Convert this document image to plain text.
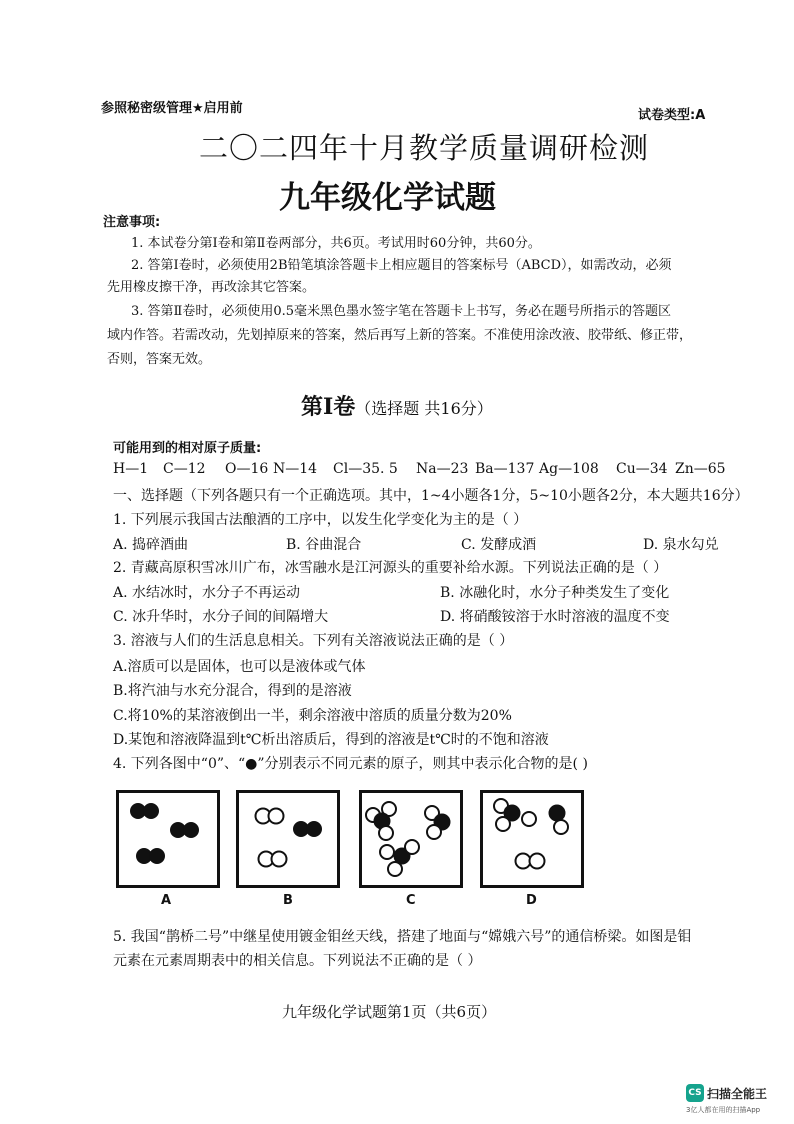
参照秘密级管理★启用前	试卷类型:A
二〇二四年十月教学质量调研检测
九年级化学试题
注意事项:
1. 本试卷分第Ⅰ卷和第Ⅱ卷两部分，共6页。考试用时60分钟，共60分。
2. 答第Ⅰ卷时，必须使用2B铅笔填涂答题卡上相应题目的答案标号（ABCD），如需改动，必须
先用橡皮擦干净，再改涂其它答案。
3. 答第Ⅱ卷时，必须使用0.5毫米黑色墨水签字笔在答题卡上书写，务必在题号所指示的答题区
域内作答。若需改动，先划掉原来的答案，然后再写上新的答案。不准使用涂改液、胶带纸、修正带，
否则，答案无效。
第Ⅰ卷（选择题 共16分）
可能用到的相对原子质量:
H—1 C—12 O—16 N—14 Cl—35. 5 Na—23 Ba—137 Ag—108 Cu—34 Zn—65
一、选择题（下列各题只有一个正确选项。其中，1~4小题各1分，5~10小题各2分，本大题共16分）
1. 下列展示我国古法酿酒的工序中，以发生化学变化为主的是（ ）
A. 捣碎酒曲	B. 谷曲混合	C. 发酵成酒	D. 泉水勾兑
2. 青藏高原积雪冰川广布，冰雪融水是江河源头的重要补给水源。下列说法正确的是（ ）
A. 水结冰时，水分子不再运动	B. 冰融化时，水分子种类发生了变化
C. 冰升华时，水分子间的间隔增大	D. 将硝酸铵溶于水时溶液的温度不变
3. 溶液与人们的生活息息相关。下列有关溶液说法正确的是（ ）
A.溶质可以是固体，也可以是液体或气体
B.将汽油与水充分混合，得到的是溶液
C.将10%的某溶液倒出一半，剩余溶液中溶质的质量分数为20%
D.某饱和溶液降温到t℃析出溶质后，得到的溶液是t℃时的不饱和溶液
4. 下列各图中“0”、“●”分别表示不同元素的原子，则其中表示化合物的是( )
A	B	C	D
5. 我国“鹊桥二号”中继星使用镀金钼丝天线，搭建了地面与“嫦娥六号”的通信桥梁。如图是钼
元素在元素周期表中的相关信息。下列说法不正确的是（ ）
九年级化学试题第1页（共6页）
CS 扫描全能王
3亿人都在用的扫描App
